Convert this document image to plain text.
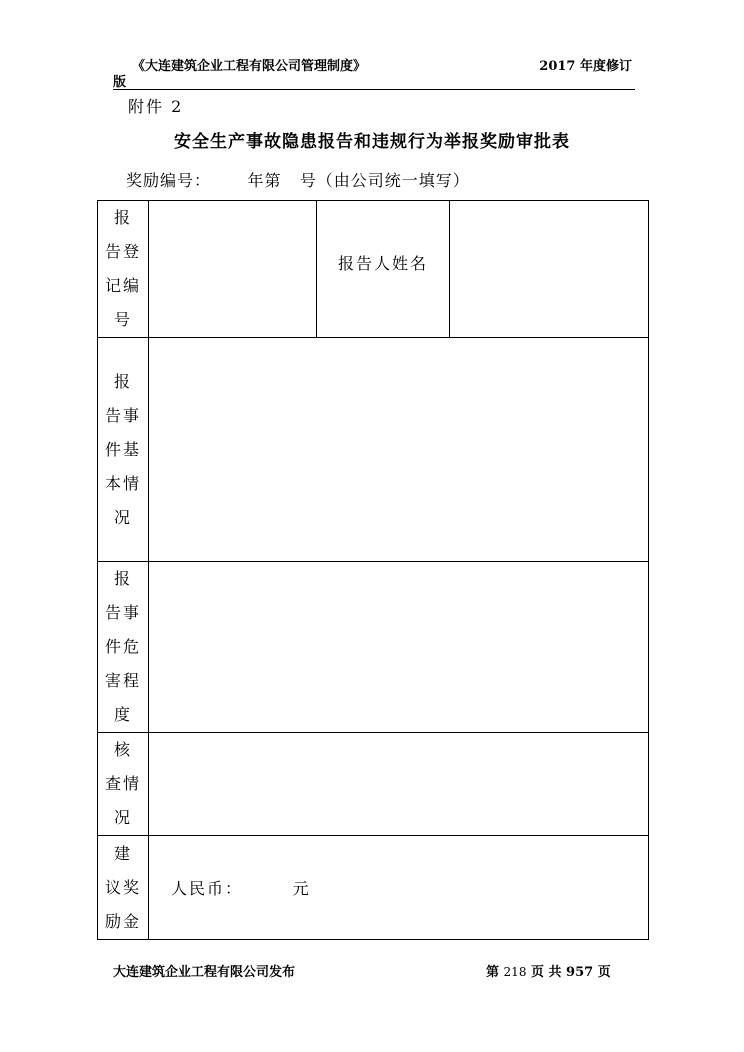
《大连建筑企业工程有限公司管理制度》	2017 年度修订
版
附件 2
安全生产事故隐患报告和违规行为举报奖励审批表
奖励编号：      年第   号（由公司统一填写）
报
告登
记编
号		报告人姓名	

报
告事
件基
本情
况			

报
告事
件危
害程
度			

核
查情
况			

建
议奖
励金	人民币：       元		
大连建筑企业工程有限公司发布	第 218 页 共 957 页
